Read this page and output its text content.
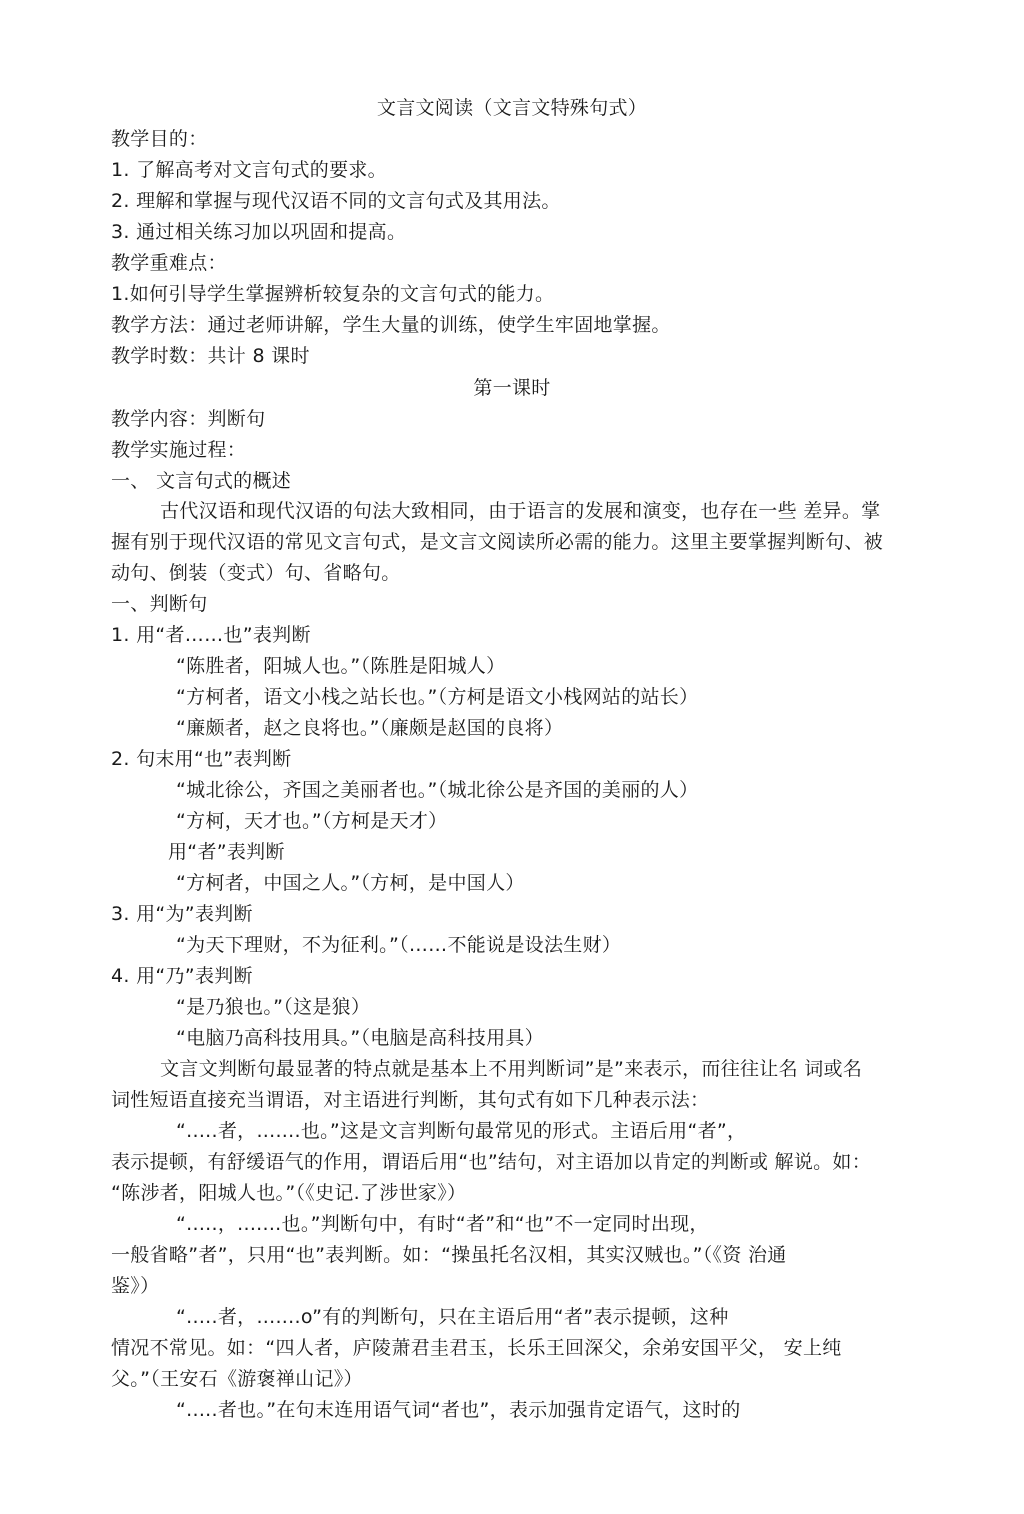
文言文阅读（文言文特殊句式）

教学目的：

1. 了解高考对文言句式的要求。

2. 理解和掌握与现代汉语不同的文言句式及其用法。

3. 通过相关练习加以巩固和提高。

教学重难点：

1.如何引导学生掌握辨析较复杂的文言句式的能力。

教学方法：通过老师讲解，学生大量的训练，使学生牢固地掌握。

教学时数：共计 8 课时

第一课时

教学内容：判断句

教学实施过程：

一、 文言句式的概述

古代汉语和现代汉语的句法大致相同，由于语言的发展和演变，也存在一些 差异。掌

握有别于现代汉语的常见文言句式，是文言文阅读所必需的能力。这里主要掌握判断句、被

动句、倒装（变式）句、省略句。

一、判断句

1. 用“者……也”表判断

“陈胜者，阳城人也。”（陈胜是阳城人）

“方柯者，语文小栈之站长也。”（方柯是语文小栈网站的站长）

“廉颇者，赵之良将也。”（廉颇是赵国的良将）

2. 句末用“也”表判断

“城北徐公，齐国之美丽者也。”（城北徐公是齐国的美丽的人）

“方柯，天才也。”（方柯是天才）

用“者”表判断

“方柯者，中国之人。”（方柯，是中国人）

3. 用“为”表判断

“为天下理财，不为征利。”（……不能说是设法生财）

4. 用“乃”表判断

“是乃狼也。”（这是狼）

“电脑乃高科技用具。”（电脑是高科技用具）

文言文判断句最显著的特点就是基本上不用判断词”是”来表示，而往往让名 词或名

词性短语直接充当谓语，对主语进行判断，其句式有如下几种表示法：

“.....者，.......也。”这是文言判断句最常见的形式。主语后用“者”，

表示提顿，有舒缓语气的作用，谓语后用“也”结句，对主语加以肯定的判断或 解说。如：

“陈涉者，阳城人也。”（《史记.了涉世家》）

“.....，.......也。”判断句中，有时“者”和“也”不一定同时出现，

一般省略”者”，只用“也”表判断。如：“操虽托名汉相，其实汉贼也。”（《资 治通

鉴》）

“.....者，.......o”有的判断句，只在主语后用“者”表示提顿，这种

情况不常见。如：“四人者，庐陵萧君圭君玉，长乐王回深父，余弟安国平父， 安上纯

父。”（王安石《游褒禅山记》）

“.....者也。”在句末连用语气词“者也”，表示加强肯定语气，这时的
